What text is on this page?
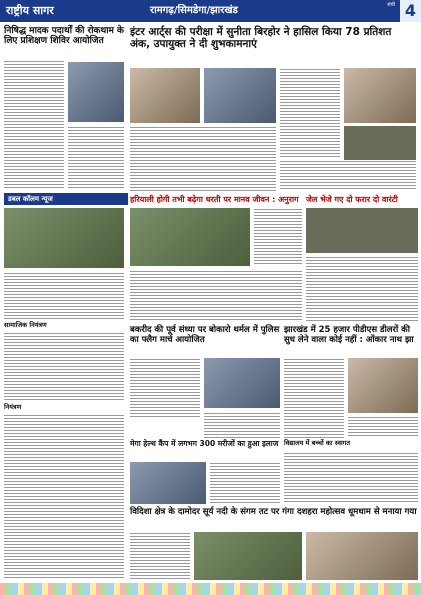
राष्ट्रीय सागर	रामगढ़/सिमडेगा/झारखंड	रांची 4
निषिद्ध मादक पदार्थों की रोकथाम के लिए प्रशिक्षण शिविर आयोजित
इंटर आर्ट्स की परीक्षा में सुनीता बिरहोर ने हासिल किया 78 प्रतिशत अंक, उपायुक्त ने दी शुभकामनाएं
डबल कॉलम न्यूज	हरियाली होगी तभी बढ़ेगा धरती पर मानव जीवन : अनुराग जेल भेजे गए दो फरार दो वारंटी
सामाजिक नियंत्रण
नियंत्रण
बकरीद की पूर्व संध्या पर बोकारो थर्मल में पुलिस का फ्लैग मार्च आयोजित
झारखंड में 25 हजार पीडीएस डीलरों की सुध लेने वाला कोई नहीं : ओंकार नाथ झा
मेगा हेल्थ कैंप में लगभग 300 मरीजों का हुआ इलाज विद्यालय में बच्चों का स्वागत
विदिशा क्षेत्र के दामोदर सूर्य नदी के संगम तट पर गंगा दशहरा महोत्सव धूमधाम से मनाया गया
